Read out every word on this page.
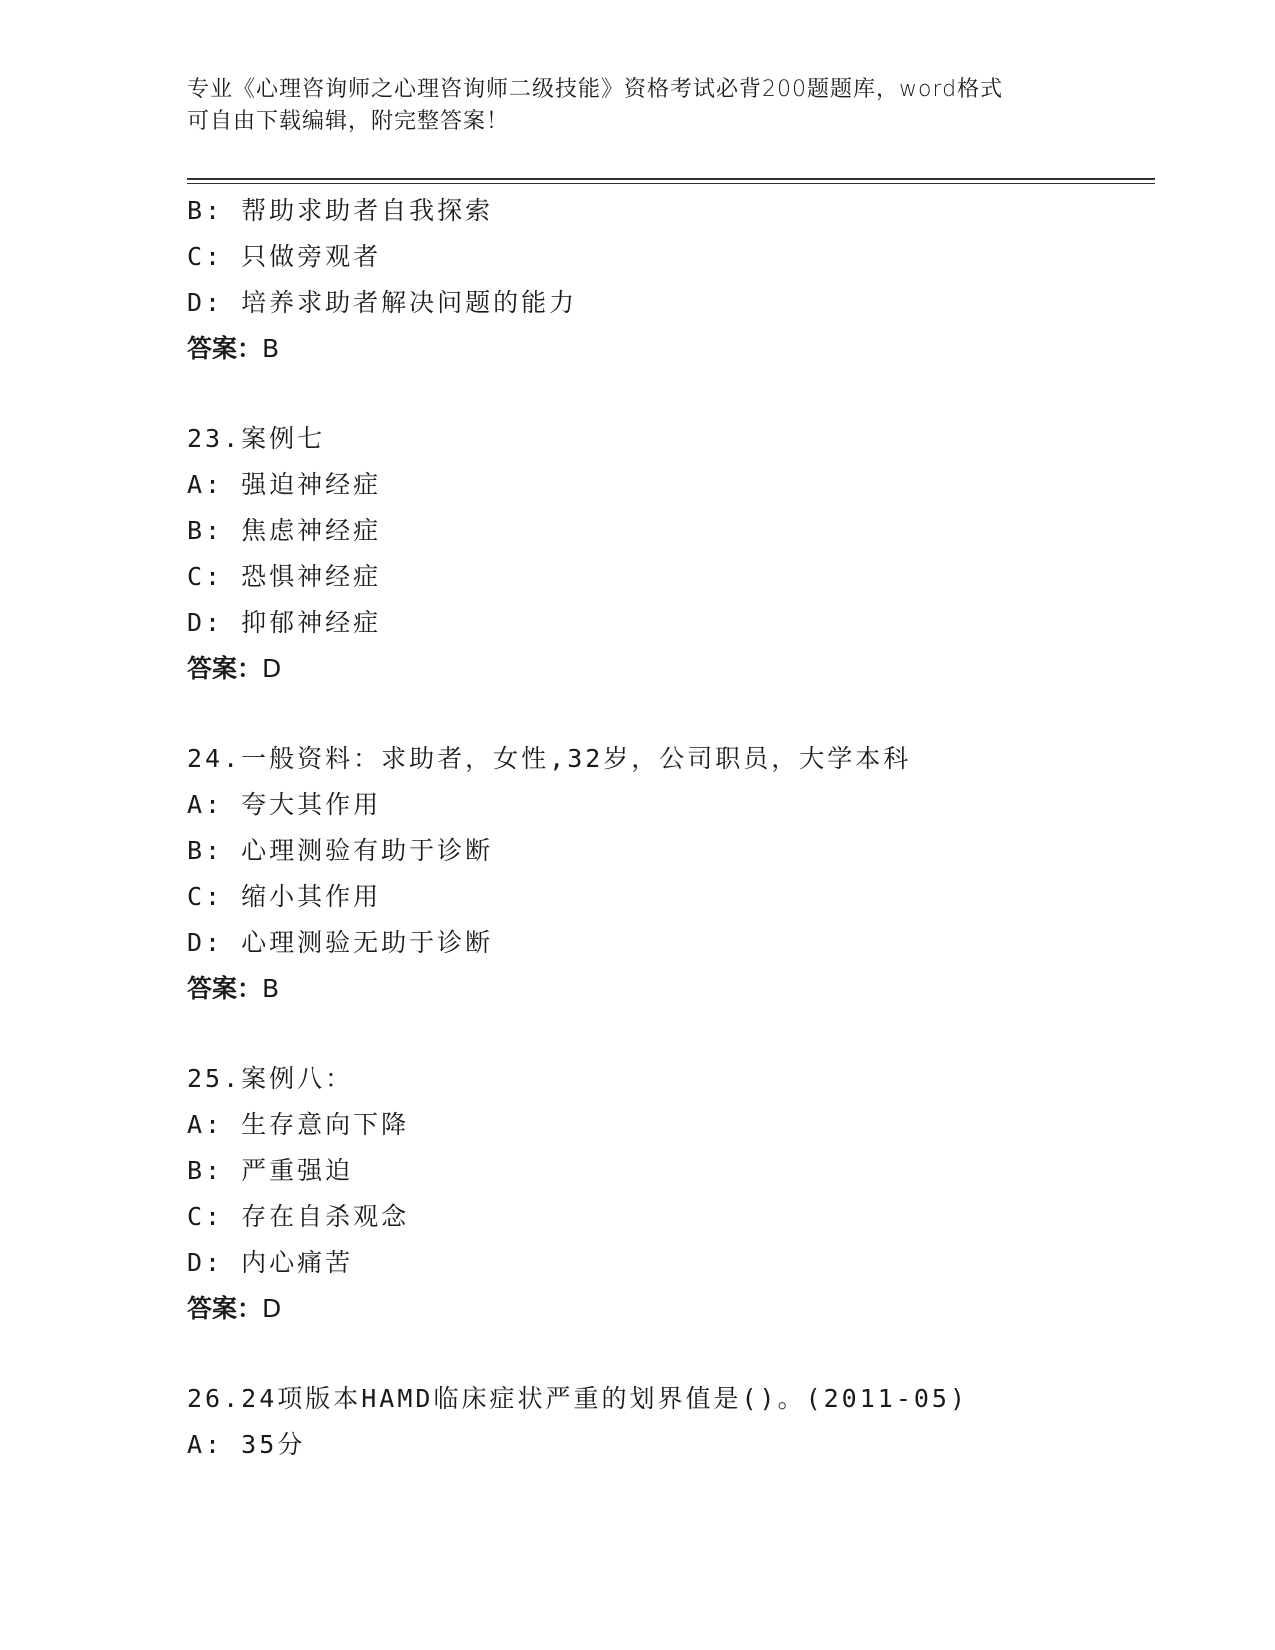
专业《心理咨询师之心理咨询师二级技能》资格考试必背200题题库，word格式
可自由下载编辑，附完整答案！
B: 帮助求助者自我探索
C: 只做旁观者
D: 培养求助者解决问题的能力
答案：B
23.案例七
A: 强迫神经症
B: 焦虑神经症
C: 恐惧神经症
D: 抑郁神经症
答案：D
24.一般资料：求助者，女性,32岁，公司职员，大学本科
A: 夸大其作用
B: 心理测验有助于诊断
C: 缩小其作用
D: 心理测验无助于诊断
答案：B
25.案例八：
A: 生存意向下降
B: 严重强迫
C: 存在自杀观念
D: 内心痛苦
答案：D
26.24项版本HAMD临床症状严重的划界值是()。(2011-05)
A: 35分
